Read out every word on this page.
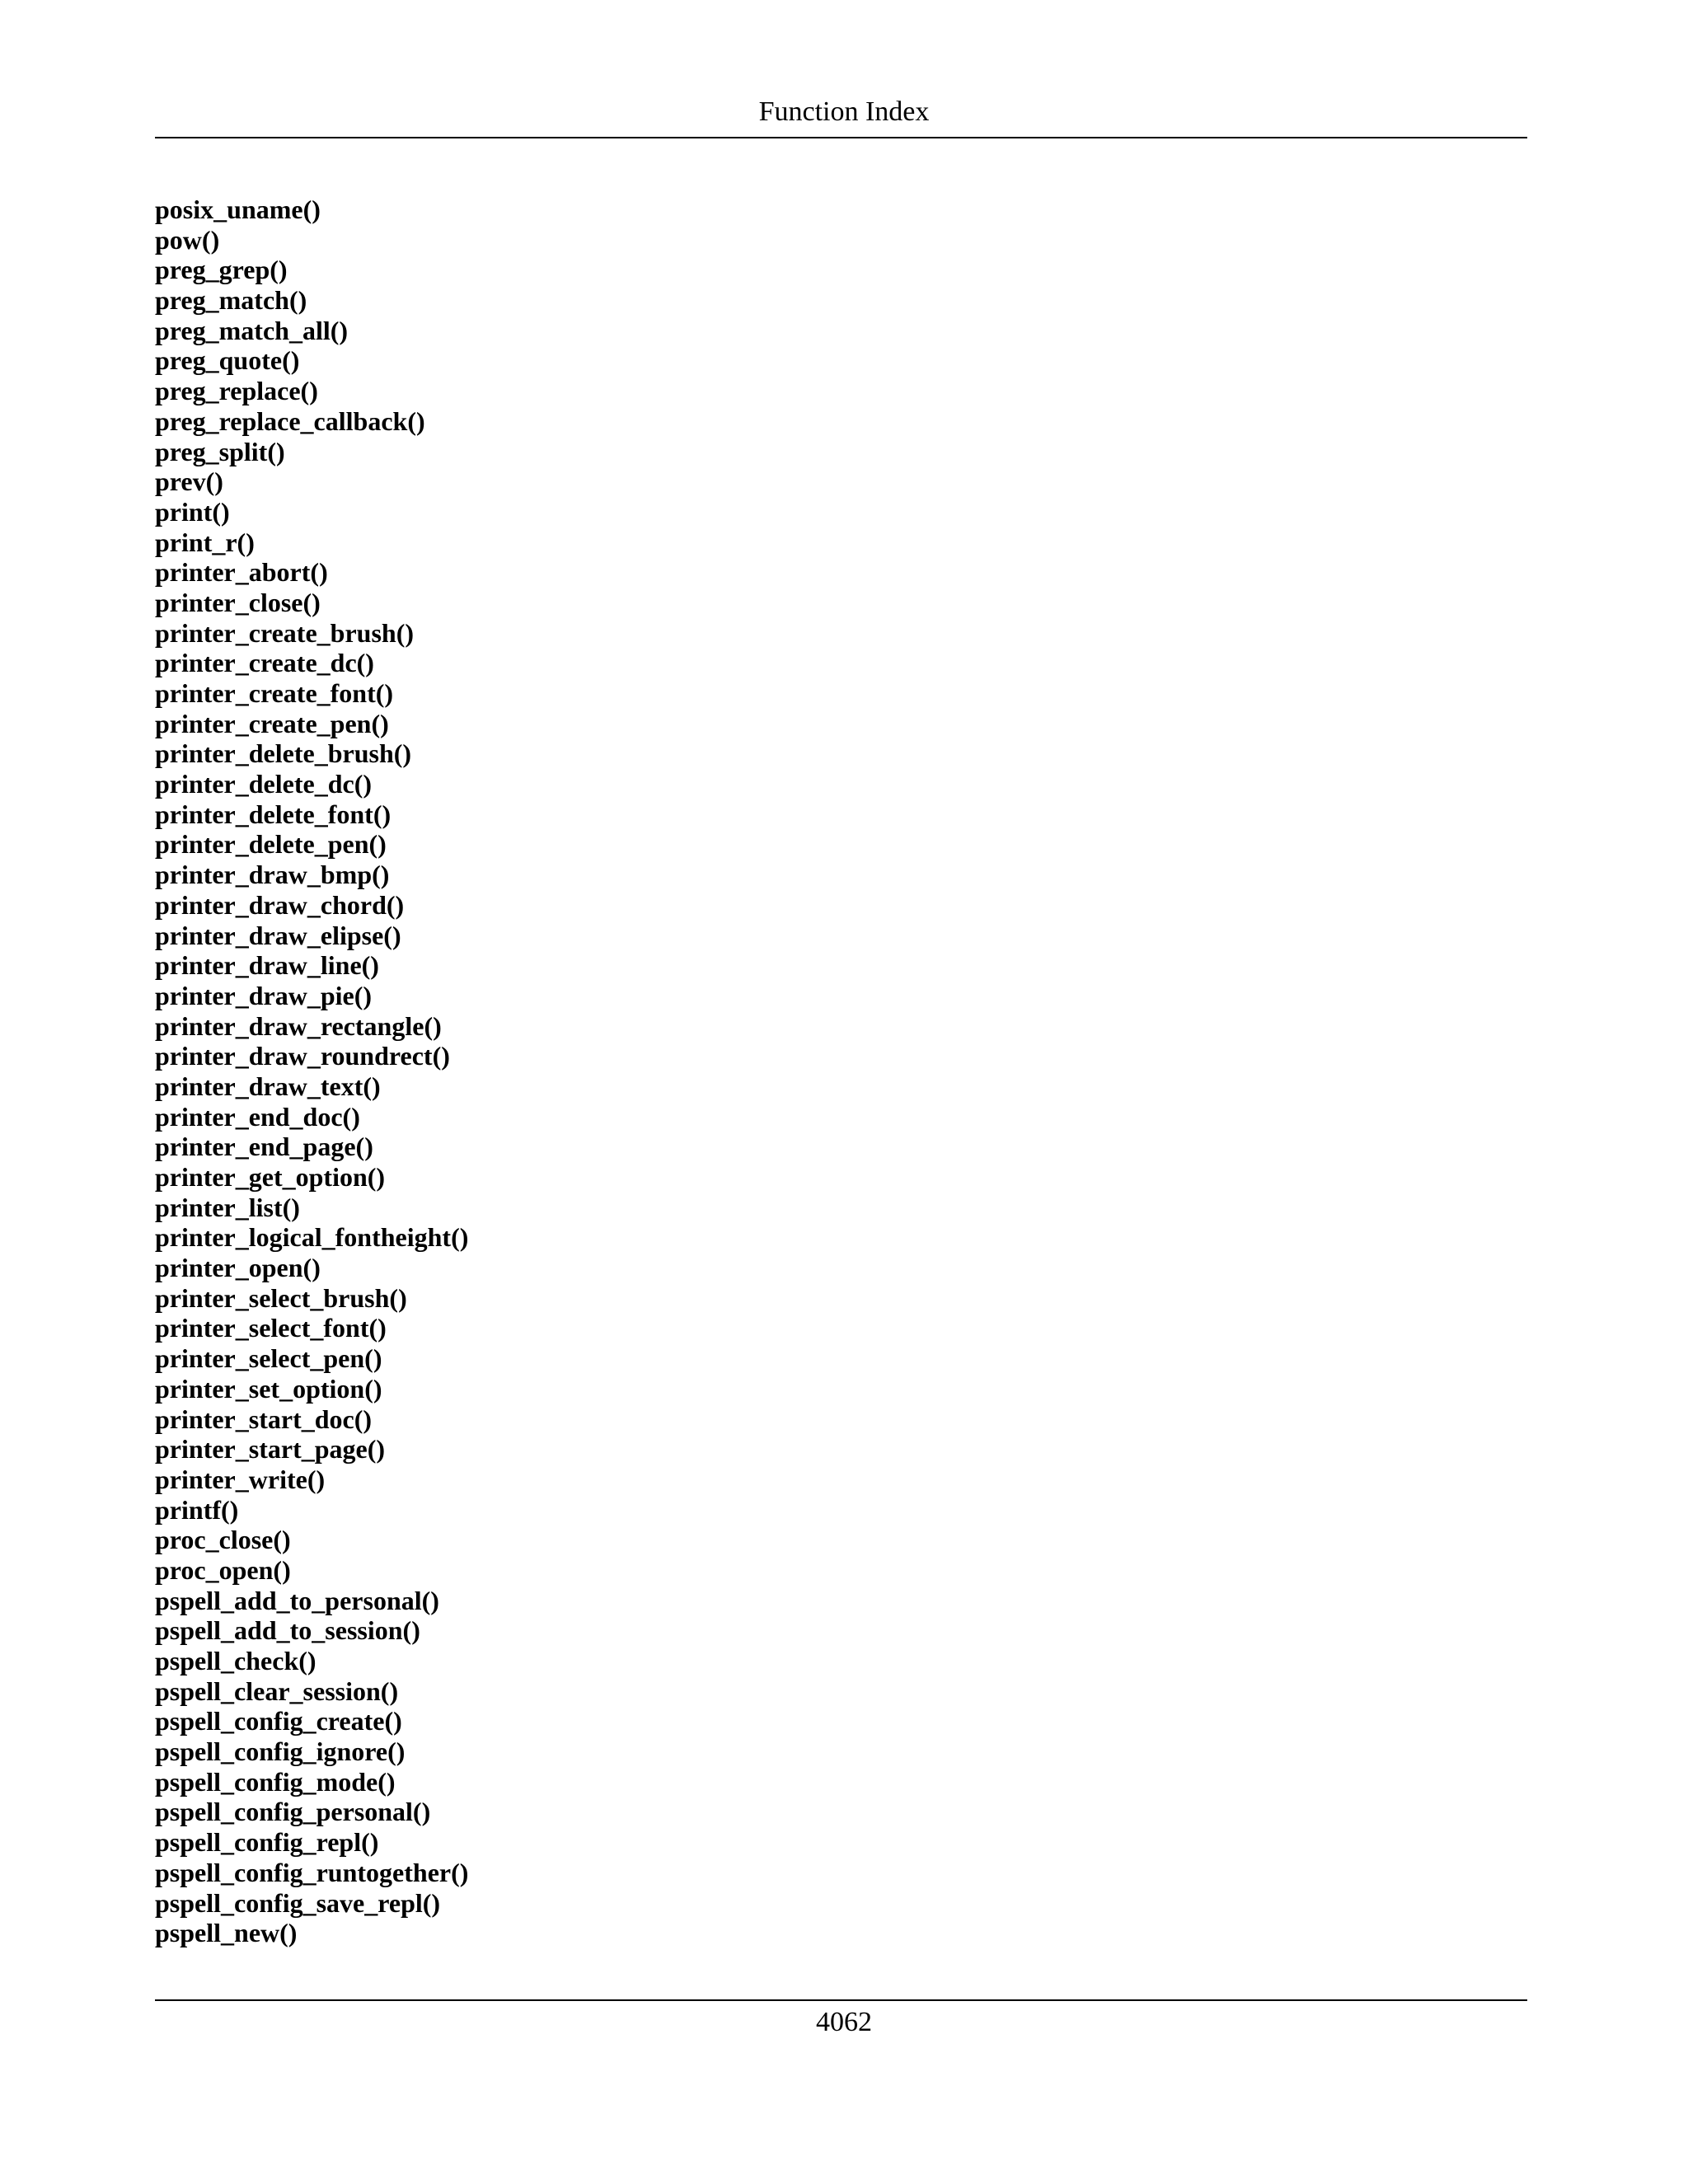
Function Index
posix_uname()
pow()
preg_grep()
preg_match()
preg_match_all()
preg_quote()
preg_replace()
preg_replace_callback()
preg_split()
prev()
print()
print_r()
printer_abort()
printer_close()
printer_create_brush()
printer_create_dc()
printer_create_font()
printer_create_pen()
printer_delete_brush()
printer_delete_dc()
printer_delete_font()
printer_delete_pen()
printer_draw_bmp()
printer_draw_chord()
printer_draw_elipse()
printer_draw_line()
printer_draw_pie()
printer_draw_rectangle()
printer_draw_roundrect()
printer_draw_text()
printer_end_doc()
printer_end_page()
printer_get_option()
printer_list()
printer_logical_fontheight()
printer_open()
printer_select_brush()
printer_select_font()
printer_select_pen()
printer_set_option()
printer_start_doc()
printer_start_page()
printer_write()
printf()
proc_close()
proc_open()
pspell_add_to_personal()
pspell_add_to_session()
pspell_check()
pspell_clear_session()
pspell_config_create()
pspell_config_ignore()
pspell_config_mode()
pspell_config_personal()
pspell_config_repl()
pspell_config_runtogether()
pspell_config_save_repl()
pspell_new()
4062
